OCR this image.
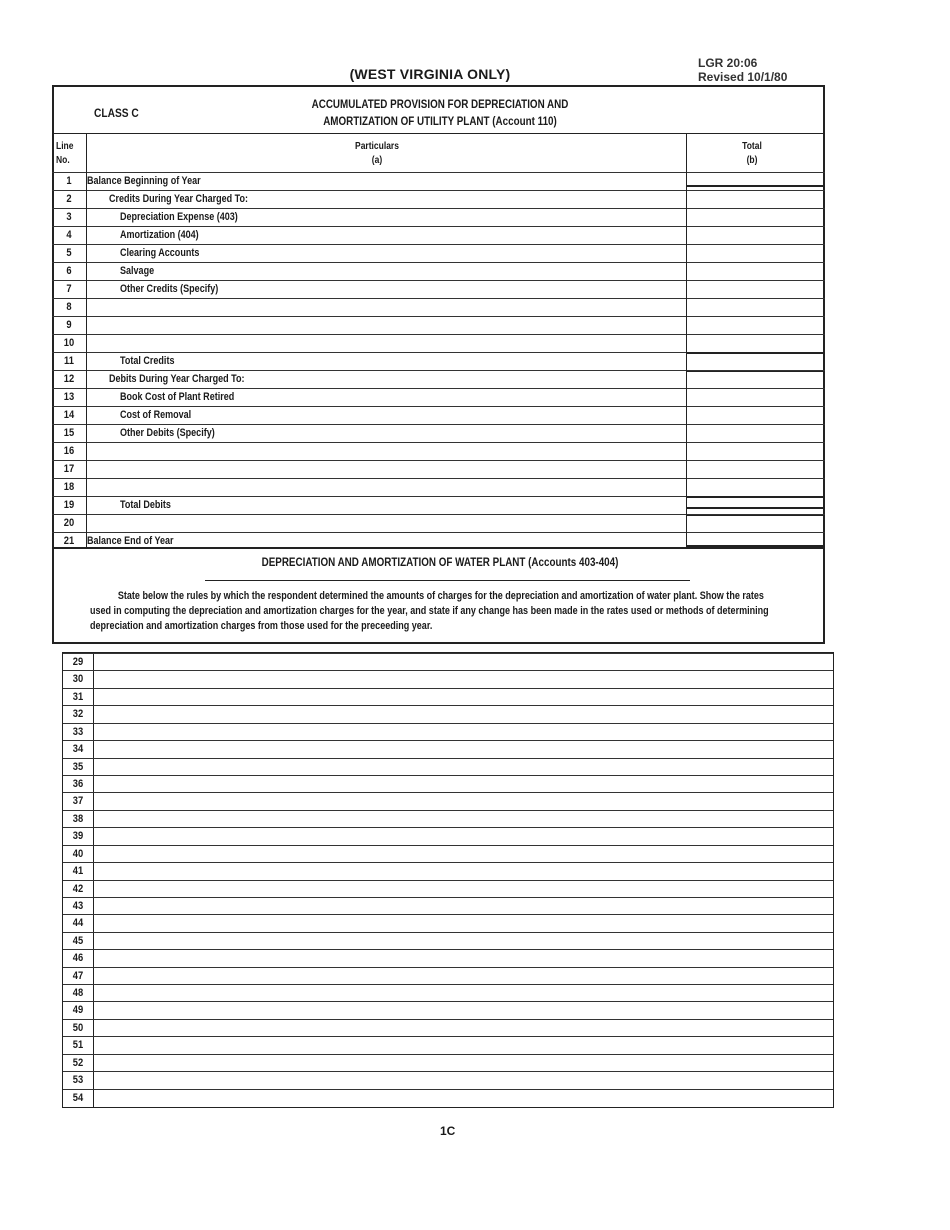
(WEST VIRGINIA ONLY)
LGR 20:06
Revised 10/1/80
CLASS C
ACCUMULATED PROVISION FOR DEPRECIATION AND
AMORTIZATION OF UTILITY PLANT (Account 110)
Line
No.
Particulars
(a)
Total
(b)
1	Balance Beginning of Year
2	Credits During Year Charged To:
3	Depreciation Expense (403)
4	Amortization (404)
5	Clearing Accounts
6	Salvage
7	Other Credits (Specify)
8
9
10
11	Total Credits
12	Debits During Year Charged To:
13	Book Cost of Plant Retired
14	Cost of Removal
15	Other Debits (Specify)
16
17
18
19	Total Debits
20
21	Balance End of Year
DEPRECIATION AND AMORTIZATION OF WATER PLANT (Accounts 403-404)
State below the rules by which the respondent determined the amounts of charges for the depreciation and amortization of water plant. Show the rates
used in computing the depreciation and amortization charges for the year, and state if any change has been made in the rates used or methods of determining
depreciation and amortization charges from those used for the preceeding year.
29
30
31
32
33
34
35
36
37
38
39
40
41
42
43
44
45
46
47
48
49
50
51
52
53
54
1C
